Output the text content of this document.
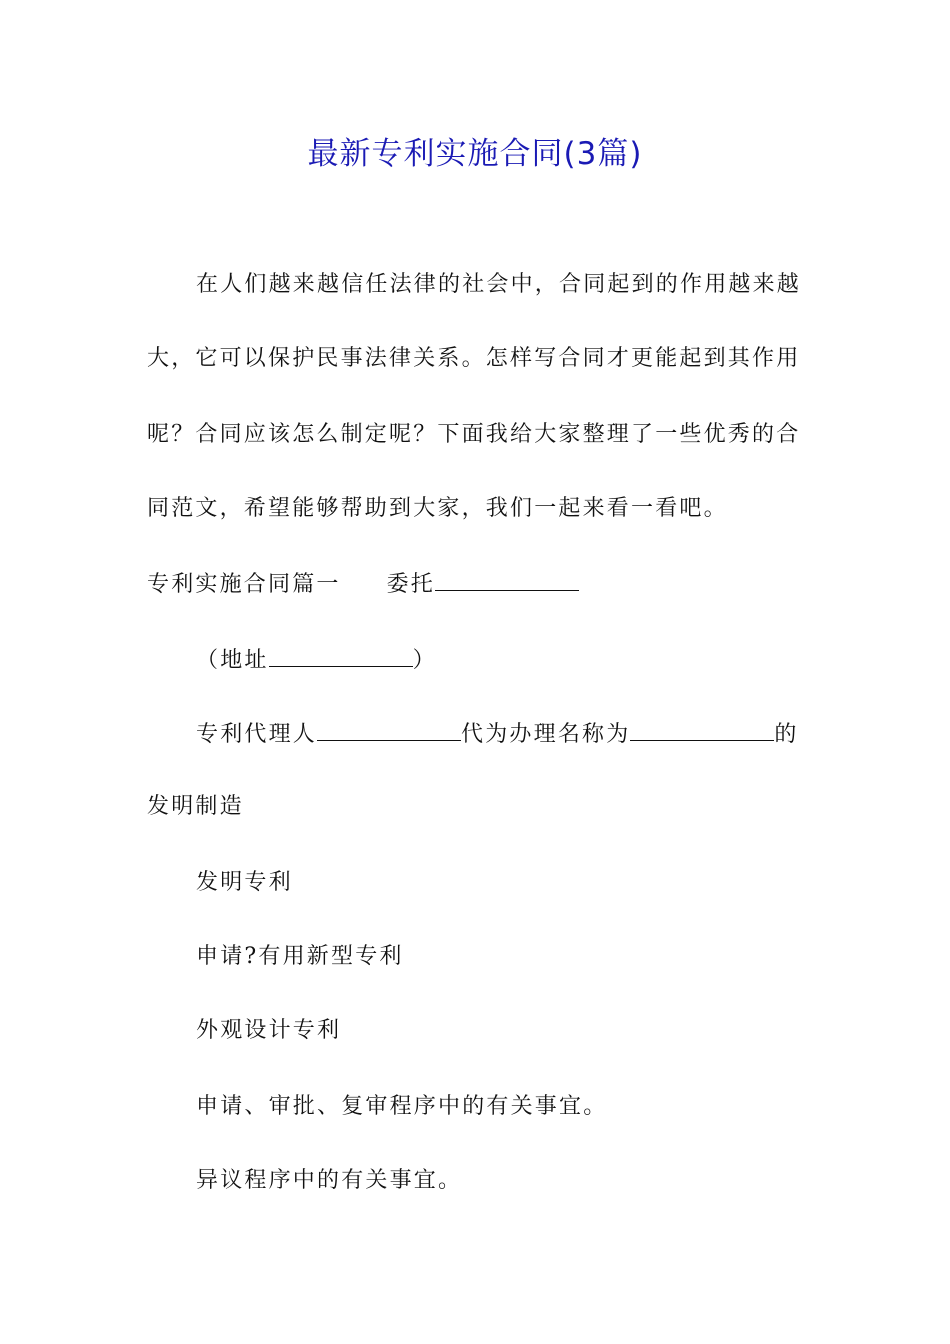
最新专利实施合同(3篇)

在人们越来越信任法律的社会中，合同起到的作用越来越

大，它可以保护民事法律关系。怎样写合同才更能起到其作用

呢？合同应该怎么制定呢？下面我给大家整理了一些优秀的合

同范文，希望能够帮助到大家，我们一起来看一看吧。

专利实施合同篇一 委托

（地址	）

专利代理人	代为办理名称为	的

发明制造

发明专利

申请?有用新型专利

外观设计专利

申请、审批、复审程序中的有关事宜。

异议程序中的有关事宜。
